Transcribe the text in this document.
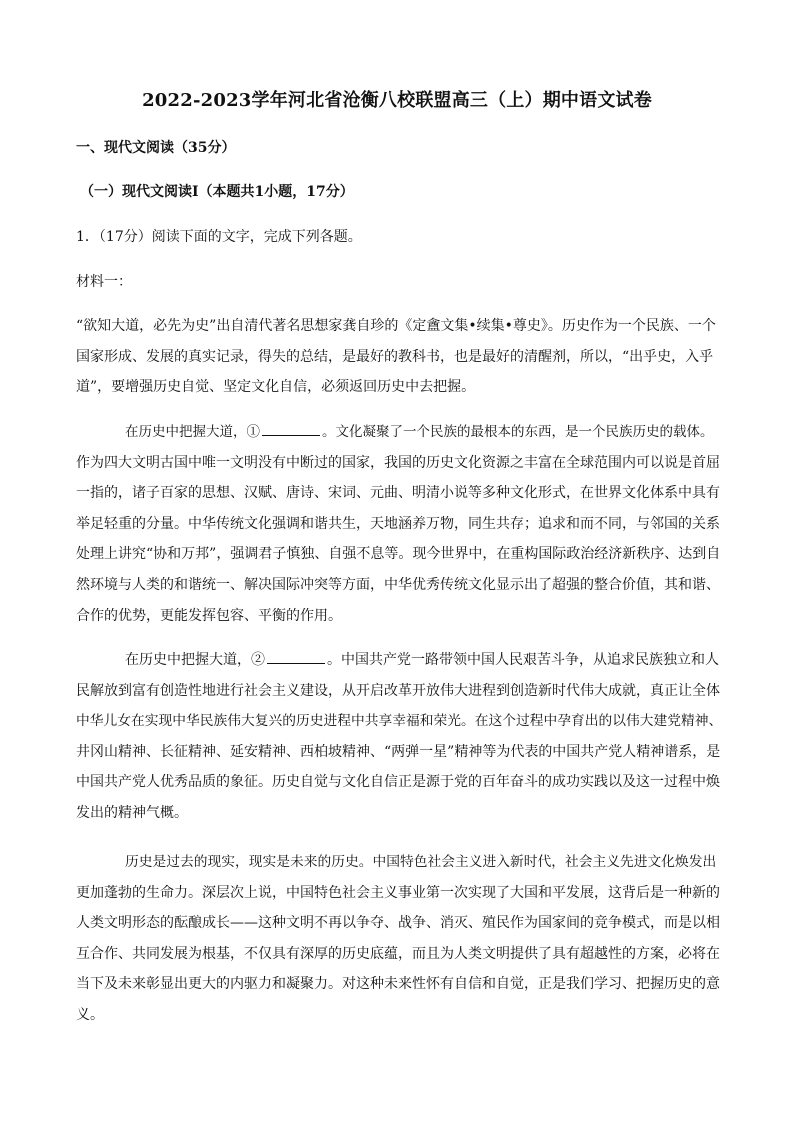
2022-2023学年河北省沧衡八校联盟高三（上）期中语文试卷
一、现代文阅读（35分）
（一）现代文阅读Ⅰ（本题共1小题，17分）
1．（17分）阅读下面的文字，完成下列各题。
材料一：
“欲知大道，必先为史”出自清代著名思想家龚自珍的《定盦文集•续集•尊史》。历史作为一个民族、一个
国家形成、发展的真实记录，得失的总结，是最好的教科书，也是最好的清醒剂，所以，“出乎史，入乎
道”，要增强历史自觉、坚定文化自信，必须返回历史中去把握。
在历史中把握大道，①	。文化凝聚了一个民族的最根本的东西，是一个民族历史的载体。
作为四大文明古国中唯一文明没有中断过的国家，我国的历史文化资源之丰富在全球范围内可以说是首屈
一指的，诸子百家的思想、汉赋、唐诗、宋词、元曲、明清小说等多种文化形式，在世界文化体系中具有
举足轻重的分量。中华传统文化强调和谐共生，天地涵养万物，同生共存；追求和而不同，与邻国的关系
处理上讲究“协和万邦”，强调君子慎独、自强不息等。现今世界中，在重构国际政治经济新秩序、达到自
然环境与人类的和谐统一、解决国际冲突等方面，中华优秀传统文化显示出了超强的整合价值，其和谐、
合作的优势，更能发挥包容、平衡的作用。
在历史中把握大道，②	。中国共产党一路带领中国人民艰苦斗争，从追求民族独立和人
民解放到富有创造性地进行社会主义建设，从开启改革开放伟大进程到创造新时代伟大成就，真正让全体
中华儿女在实现中华民族伟大复兴的历史进程中共享幸福和荣光。在这个过程中孕育出的以伟大建党精神、
井冈山精神、长征精神、延安精神、西柏坡精神、“两弹一星”精神等为代表的中国共产党人精神谱系，是
中国共产党人优秀品质的象征。历史自觉与文化自信正是源于党的百年奋斗的成功实践以及这一过程中焕
发出的精神气概。
历史是过去的现实，现实是未来的历史。中国特色社会主义进入新时代，社会主义先进文化焕发出
更加蓬勃的生命力。深层次上说，中国特色社会主义事业第一次实现了大国和平发展，这背后是一种新的
人类文明形态的酝酿成长——这种文明不再以争夺、战争、消灭、殖民作为国家间的竞争模式，而是以相
互合作、共同发展为根基，不仅具有深厚的历史底蕴，而且为人类文明提供了具有超越性的方案，必将在
当下及未来彰显出更大的内驱力和凝聚力。对这种未来性怀有自信和自觉，正是我们学习、把握历史的意
义。
